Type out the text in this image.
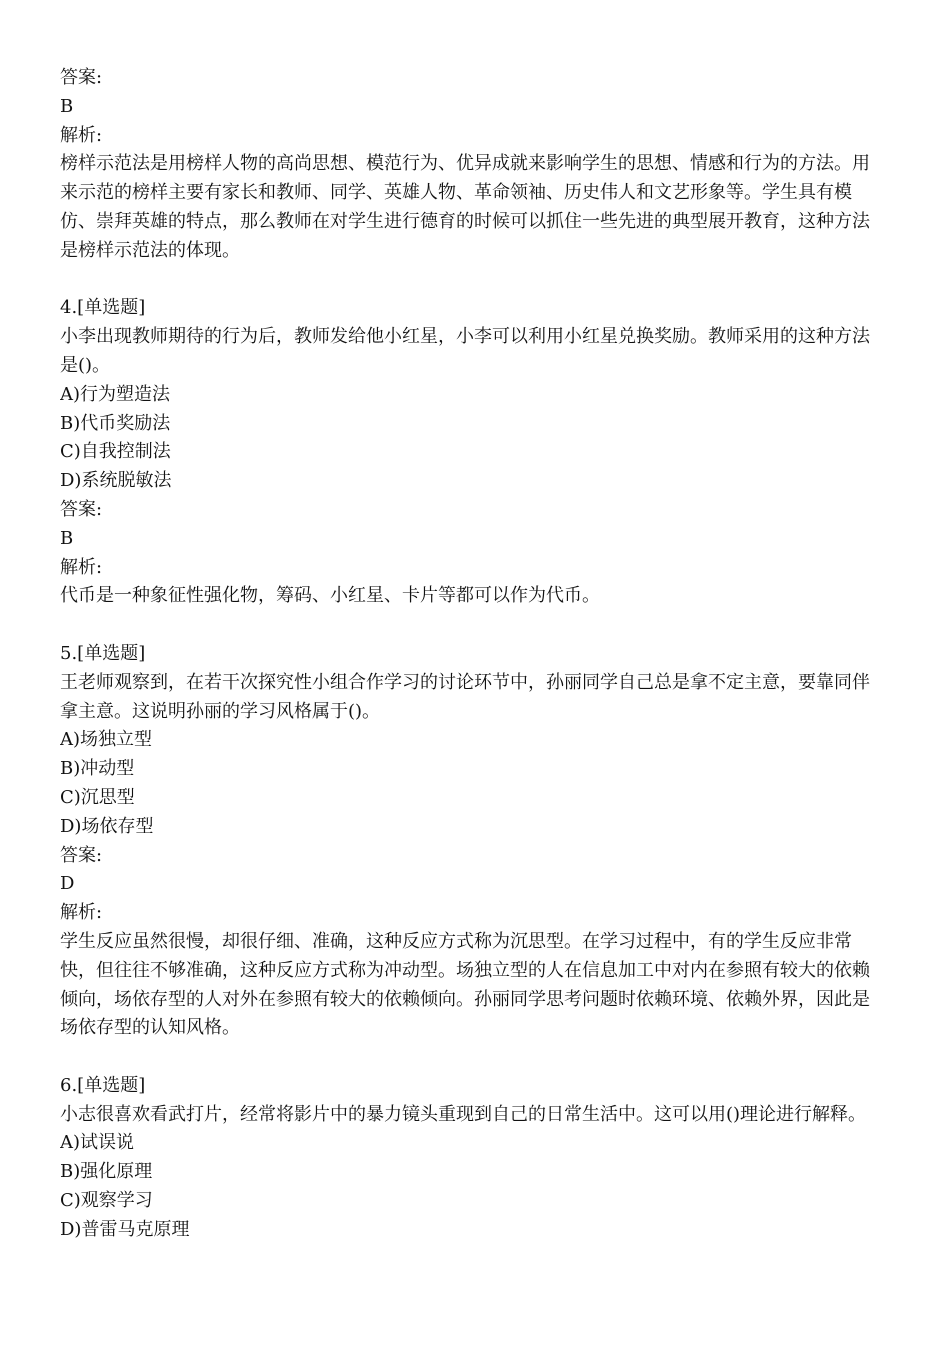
答案:
B
解析:
榜样示范法是用榜样人物的高尚思想、模范行为、优异成就来影响学生的思想、情感和行为的方法。用来示范的榜样主要有家长和教师、同学、英雄人物、革命领袖、历史伟人和文艺形象等。学生具有模仿、崇拜英雄的特点，那么教师在对学生进行德育的时候可以抓住一些先进的典型展开教育，这种方法是榜样示范法的体现。
4.[单选题]
小李出现教师期待的行为后，教师发给他小红星，小李可以利用小红星兑换奖励。教师采用的这种方法是()。
A)行为塑造法
B)代币奖励法
C)自我控制法
D)系统脱敏法
答案:
B
解析:
代币是一种象征性强化物，筹码、小红星、卡片等都可以作为代币。
5.[单选题]
王老师观察到，在若干次探究性小组合作学习的讨论环节中，孙丽同学自己总是拿不定主意，要靠同伴拿主意。这说明孙丽的学习风格属于()。
A)场独立型
B)冲动型
C)沉思型
D)场依存型
答案:
D
解析:
学生反应虽然很慢，却很仔细、准确，这种反应方式称为沉思型。在学习过程中，有的学生反应非常快，但往往不够准确，这种反应方式称为冲动型。场独立型的人在信息加工中对内在参照有较大的依赖倾向，场依存型的人对外在参照有较大的依赖倾向。孙丽同学思考问题时依赖环境、依赖外界，因此是场依存型的认知风格。
6.[单选题]
小志很喜欢看武打片，经常将影片中的暴力镜头重现到自己的日常生活中。这可以用()理论进行解释。
A)试误说
B)强化原理
C)观察学习
D)普雷马克原理
